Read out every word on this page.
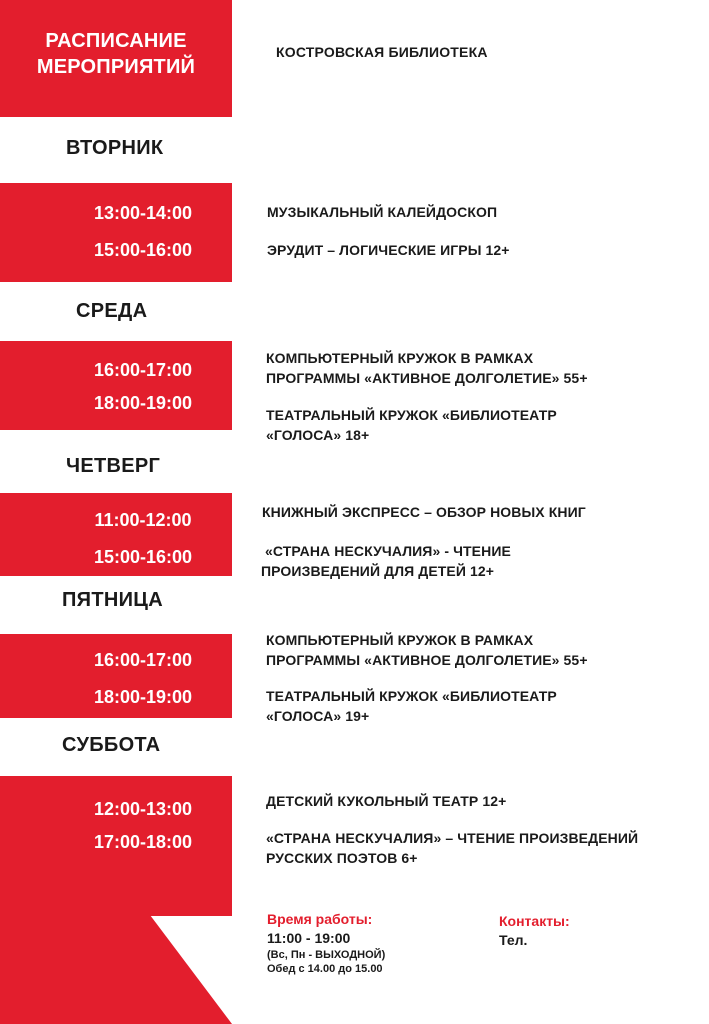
РАСПИСАНИЕ
МЕРОПРИЯТИЙ
КОСТРОВСКАЯ БИБЛИОТЕКА
ВТОРНИК
13:00-14:00
15:00-16:00
МУЗЫКАЛЬНЫЙ КАЛЕЙДОСКОП
ЭРУДИТ – ЛОГИЧЕСКИЕ ИГРЫ 12+
СРЕДА
16:00-17:00
18:00-19:00
КОМПЬЮТЕРНЫЙ КРУЖОК В РАМКАХ
ПРОГРАММЫ «АКТИВНОЕ ДОЛГОЛЕТИЕ» 55+
ТЕАТРАЛЬНЫЙ КРУЖОК «БИБЛИОТЕАТР
«ГОЛОСА» 18+
ЧЕТВЕРГ
11:00-12:00
15:00-16:00
КНИЖНЫЙ ЭКСПРЕСС – ОБЗОР НОВЫХ КНИГ
«СТРАНА НЕСКУЧАЛИЯ» - ЧТЕНИЕ
ПРОИЗВЕДЕНИЙ ДЛЯ ДЕТЕЙ 12+
ПЯТНИЦА
16:00-17:00
18:00-19:00
КОМПЬЮТЕРНЫЙ КРУЖОК В РАМКАХ
ПРОГРАММЫ «АКТИВНОЕ ДОЛГОЛЕТИЕ» 55+
ТЕАТРАЛЬНЫЙ КРУЖОК «БИБЛИОТЕАТР
«ГОЛОСА» 19+
СУББОТА
12:00-13:00
17:00-18:00
ДЕТСКИЙ КУКОЛЬНЫЙ ТЕАТР 12+
«СТРАНА НЕСКУЧАЛИЯ» – ЧТЕНИЕ ПРОИЗВЕДЕНИЙ
РУССКИХ ПОЭТОВ 6+
Время работы:
11:00 - 19:00
(Вс, Пн - ВЫХОДНОЙ)
Обед с 14.00 до 15.00
Контакты:
Тел.
